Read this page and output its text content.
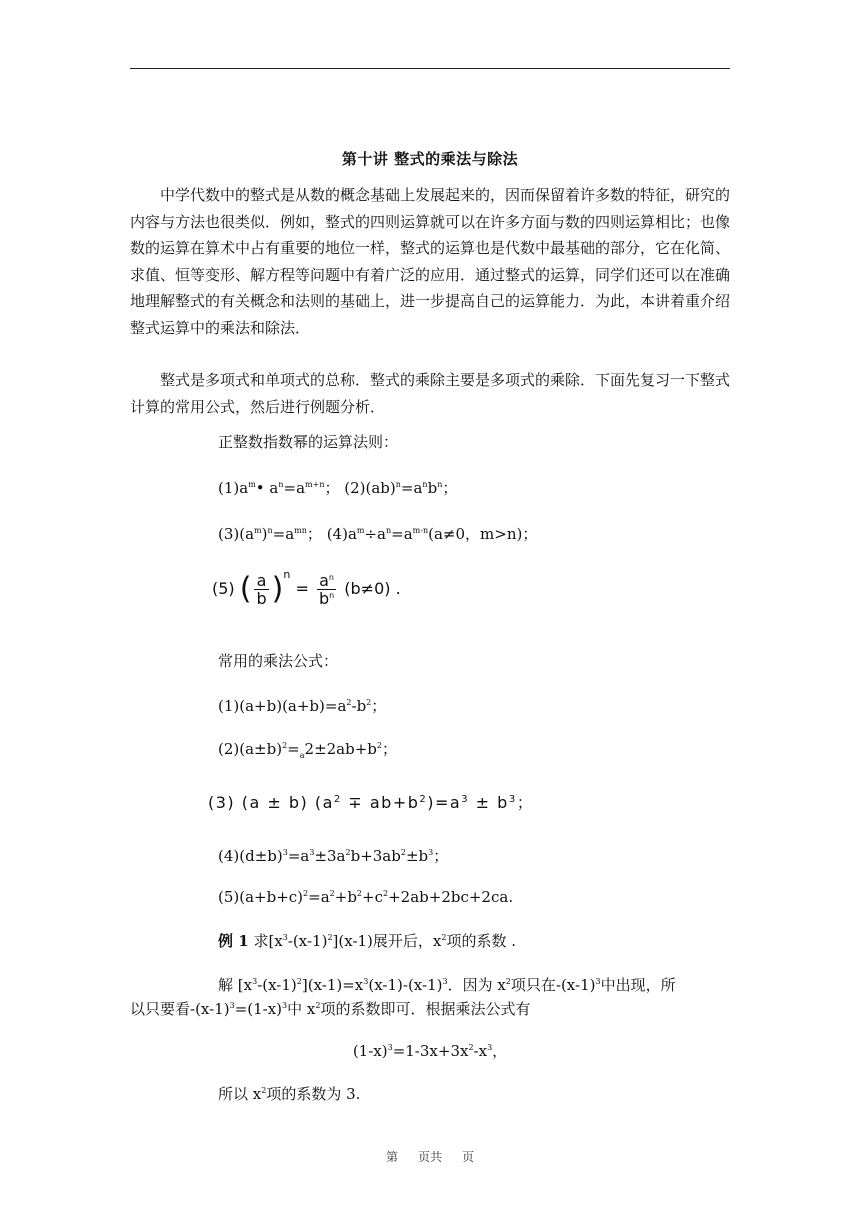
第十讲 整式的乘法与除法

中学代数中的整式是从数的概念基础上发展起来的，因而保留着许多数的特征，研究的内容与方法也很类似．例如，整式的四则运算就可以在许多方面与数的四则运算相比；也像数的运算在算术中占有重要的地位一样，整式的运算也是代数中最基础的部分，它在化简、求值、恒等变形、解方程等问题中有着广泛的应用．通过整式的运算，同学们还可以在准确地理解整式的有关概念和法则的基础上，进一步提高自己的运算能力．为此，本讲着重介绍整式运算中的乘法和除法．

整式是多项式和单项式的总称．整式的乘除主要是多项式的乘除．下面先复习一下整式计算的常用公式，然后进行例题分析．

正整数指数幂的运算法则：
$(1)a^m•$ $a^n=a^{m+n}$； $(2)(ab)^n=a^nb^n$；
$(3)(a^m)^n=a^{mn}$； $(4)a^m\div a^n=a^{m-n}(a\ne 0$，m>n)；
(5) ( $\frac{a}{b} )^n = \frac{a^n}{b^n} (b\ne 0)$ .
常用的乘法公式：
$(1)(a+b)(a+b)=a^2-b^2$；
$(2)(a\pm b)^2=_a2\pm 2ab+b^2$；
(3) (a ± b) $(a^2 \mp ab+b^2)=a^3 \pm b^3$；
$(4)(d\pm b)^3=a^3\pm 3a^2b+3ab^2\pm b^3$；
$(5)(a+b+c)^2=a^2+b^2+c^2+2ab+2bc+2ca$.
例 1 求$[x^3-(x-1)^2](x-1)$展开后，$x^2$项的系数 .
解 $[x^3-(x-1)^2](x-1)=x^3(x-1)-(x-1)^3$．因为 $x^2$项只在$-(x-1)^3$中出现，所
以只要看$-(x-1)^3=(1-x)^3$中 $x^2$项的系数即可．根据乘法公式有
$(1-x)^3=1-3x+3x^2-x^3$，
所以 $x^2$项的系数为 3.
第 页共 页
